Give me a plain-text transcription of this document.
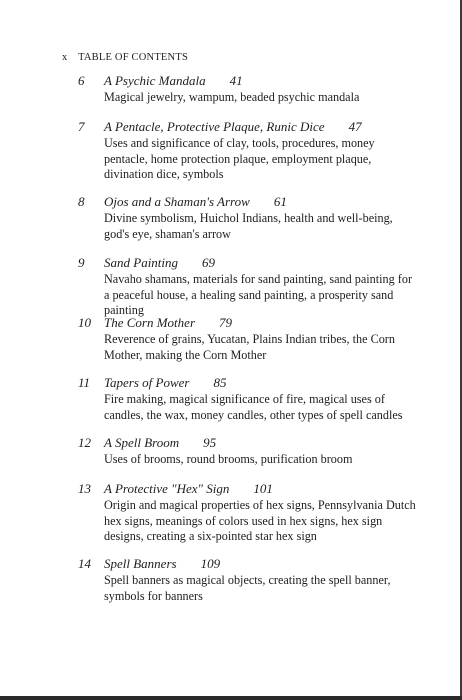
x TABLE OF CONTENTS
6	A Psychic Mandala 41
Magical jewelry, wampum, beaded psychic mandala
7	A Pentacle, Protective Plaque, Runic Dice 47
Uses and significance of clay, tools, procedures, money pentacle, home protection plaque, employment plaque, divination dice, symbols
8	Ojos and a Shaman's Arrow 61
Divine symbolism, Huichol Indians, health and well-being, god's eye, shaman's arrow
9	Sand Painting 69
Navaho shamans, materials for sand painting, sand painting for a peaceful house, a healing sand painting, a prosperity sand painting
10	The Corn Mother 79
Reverence of grains, Yucatan, Plains Indian tribes, the Corn Mother, making the Corn Mother
11	Tapers of Power 85
Fire making, magical significance of fire, magical uses of candles, the wax, money candles, other types of spell candles
12	A Spell Broom 95
Uses of brooms, round brooms, purification broom
13	A Protective "Hex" Sign 101
Origin and magical properties of hex signs, Pennsylvania Dutch hex signs, meanings of colors used in hex signs, hex sign designs, creating a six-pointed star hex sign
14	Spell Banners 109
Spell banners as magical objects, creating the spell banner, symbols for banners
